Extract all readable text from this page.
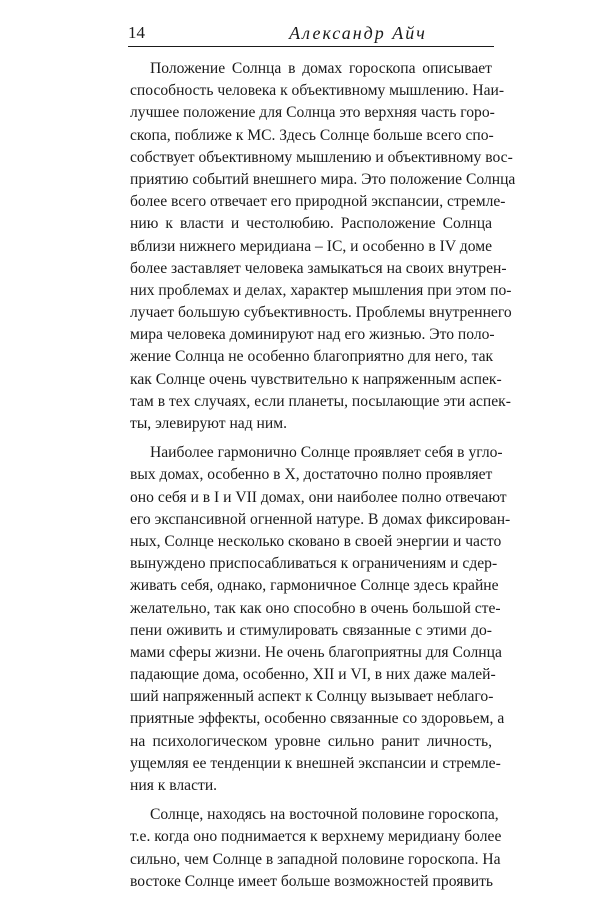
14	Александр Айч
Положение Солнца в домах гороскопа описывает
способность человека к объективному мышлению. Наи-
лучшее положение для Солнца это верхняя часть горо-
скопа, поближе к МС. Здесь Солнце больше всего спо-
собствует объективному мышлению и объективному вос-
приятию событий внешнего мира. Это положение Солнца
более всего отвечает его природной экспансии, стремле-
нию к власти и честолюбию. Расположение Солнца
вблизи нижнего меридиана – IC, и особенно в IV доме
более заставляет человека замыкаться на своих внутрен-
них проблемах и делах, характер мышления при этом по-
лучает большую субъективность. Проблемы внутреннего
мира человека доминируют над его жизнью. Это поло-
жение Солнца не особенно благоприятно для него, так
как Солнце очень чувствительно к напряженным аспек-
там в тех случаях, если планеты, посылающие эти аспек-
ты, элевируют над ним.
Наиболее гармонично Солнце проявляет себя в угло-
вых домах, особенно в X, достаточно полно проявляет
оно себя и в I и VII домах, они наиболее полно отвечают
его экспансивной огненной натуре. В домах фиксирован-
ных, Солнце несколько сковано в своей энергии и часто
вынуждено приспосабливаться к ограничениям и сдер-
живать себя, однако, гармоничное Солнце здесь крайне
желательно, так как оно способно в очень большой сте-
пени оживить и стимулировать связанные с этими до-
мами сферы жизни. Не очень благоприятны для Солнца
падающие дома, особенно, XII и VI, в них даже малей-
ший напряженный аспект к Солнцу вызывает неблаго-
приятные эффекты, особенно связанные со здоровьем, а
на психологическом уровне сильно ранит личность,
ущемляя ее тенденции к внешней экспансии и стремле-
ния к власти.
Солнце, находясь на восточной половине гороскопа,
т.е. когда оно поднимается к верхнему меридиану более
сильно, чем Солнце в западной половине гороскопа. На
востоке Солнце имеет больше возможностей проявить
